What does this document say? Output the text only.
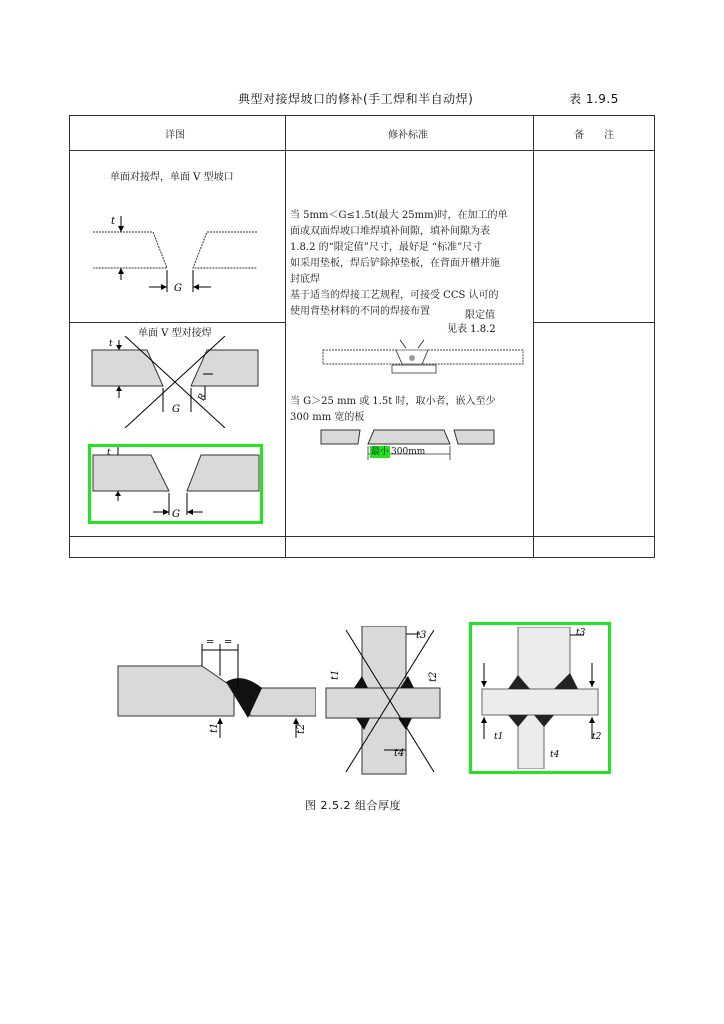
典型对接焊坡口的修补(手工焊和半自动焊)	表 1.9.5
详图	修补标准	备　　注
单面对接焊，单面 V 型坡口
t
G
当 5mm＜G≤1.5t(最大 25mm)时，在加工的单
面或双面焊坡口堆焊填补间隙，填补间隙为表
1.8.2 的“限定值”尺寸，最好是 “标准”尺寸
如采用垫板，焊后铲除掉垫板，在背面开槽并施
封底焊
基于适当的焊接工艺规程，可接受 CCS 认可的
使用背垫材料的不同的焊接布置	限定值
见表 1.8.2
当 G＞25 mm 或 1.5t 时，取小者，嵌入至少
300 mm 宽的板
最小 300mm
单面 V 型对接焊
t
G
R
t
G
= =
t1	t2
t3
t1	t2
t4
t3
t1	t2
t4
图 2.5.2 组合厚度
